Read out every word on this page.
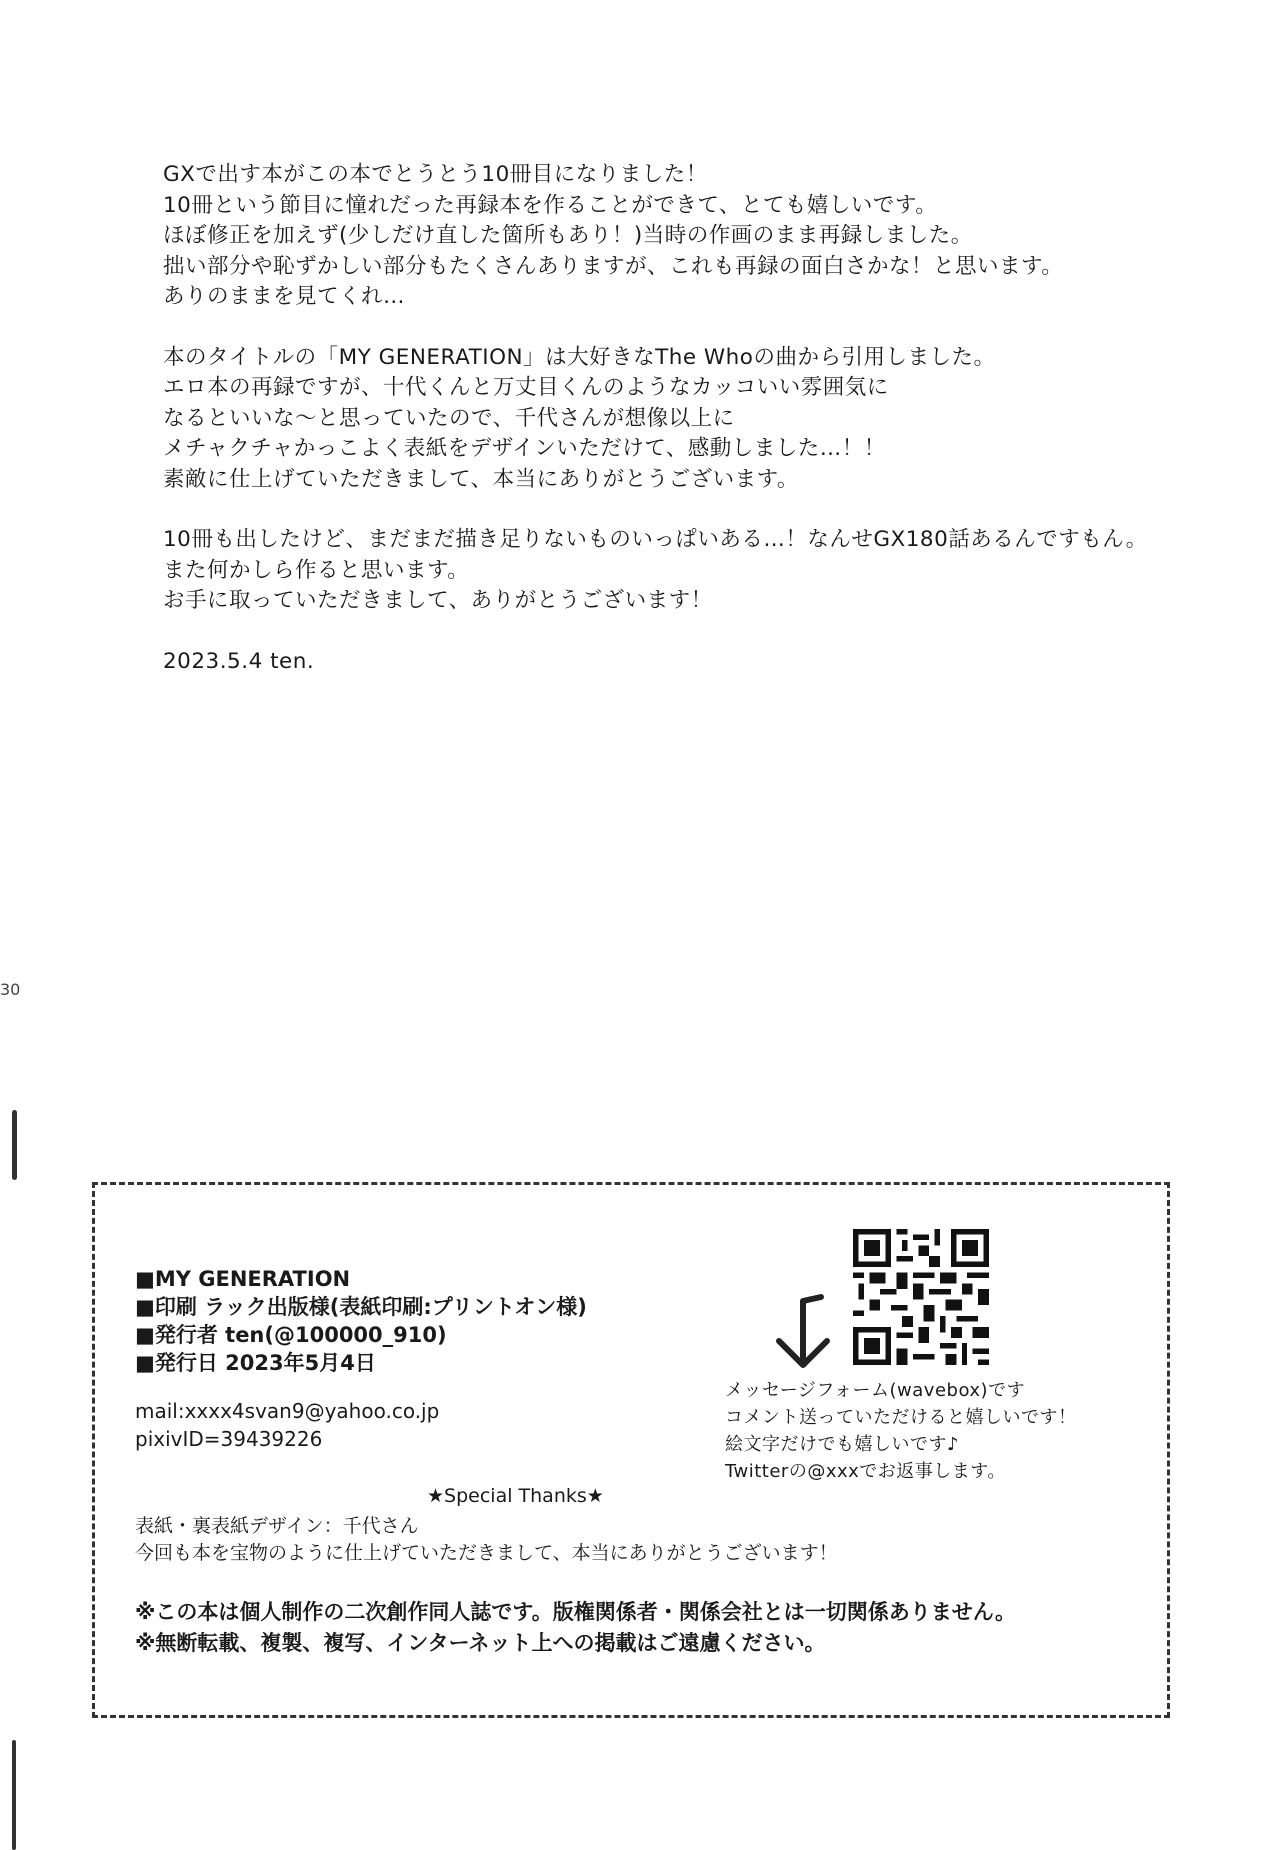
30
GXで出す本がこの本でとうとう10冊目になりました！
10冊という節目に憧れだった再録本を作ることができて、とても嬉しいです。
ほぼ修正を加えず(少しだけ直した箇所もあり！)当時の作画のまま再録しました。
拙い部分や恥ずかしい部分もたくさんありますが、これも再録の面白さかな！と思います。
ありのままを見てくれ…
本のタイトルの「MY GENERATION」は大好きなThe Whoの曲から引用しました。
エロ本の再録ですが、十代くんと万丈目くんのようなカッコいい雰囲気に
なるといいな～と思っていたので、千代さんが想像以上に
メチャクチャかっこよく表紙をデザインいただけて、感動しました…！！
素敵に仕上げていただきまして、本当にありがとうございます。
10冊も出したけど、まだまだ描き足りないものいっぱいある…！なんせGX180話あるんですもん。
また何かしら作ると思います。
お手に取っていただきまして、ありがとうございます！
2023.5.4 ten.
■MY GENERATION
■印刷 ラック出版様(表紙印刷:プリントオン様)
■発行者 ten(@100000_910)
■発行日 2023年5月4日
mail:xxxx4svan9@yahoo.co.jp
pixivID=39439226
メッセージフォーム(wavebox)です
コメント送っていただけると嬉しいです！
絵文字だけでも嬉しいです♪
Twitterの@xxxでお返事します。
★Special Thanks★
表紙・裏表紙デザイン：千代さん
今回も本を宝物のように仕上げていただきまして、本当にありがとうございます！
※この本は個人制作の二次創作同人誌です。版権関係者・関係会社とは一切関係ありません。
※無断転載、複製、複写、インターネット上への掲載はご遠慮ください。
